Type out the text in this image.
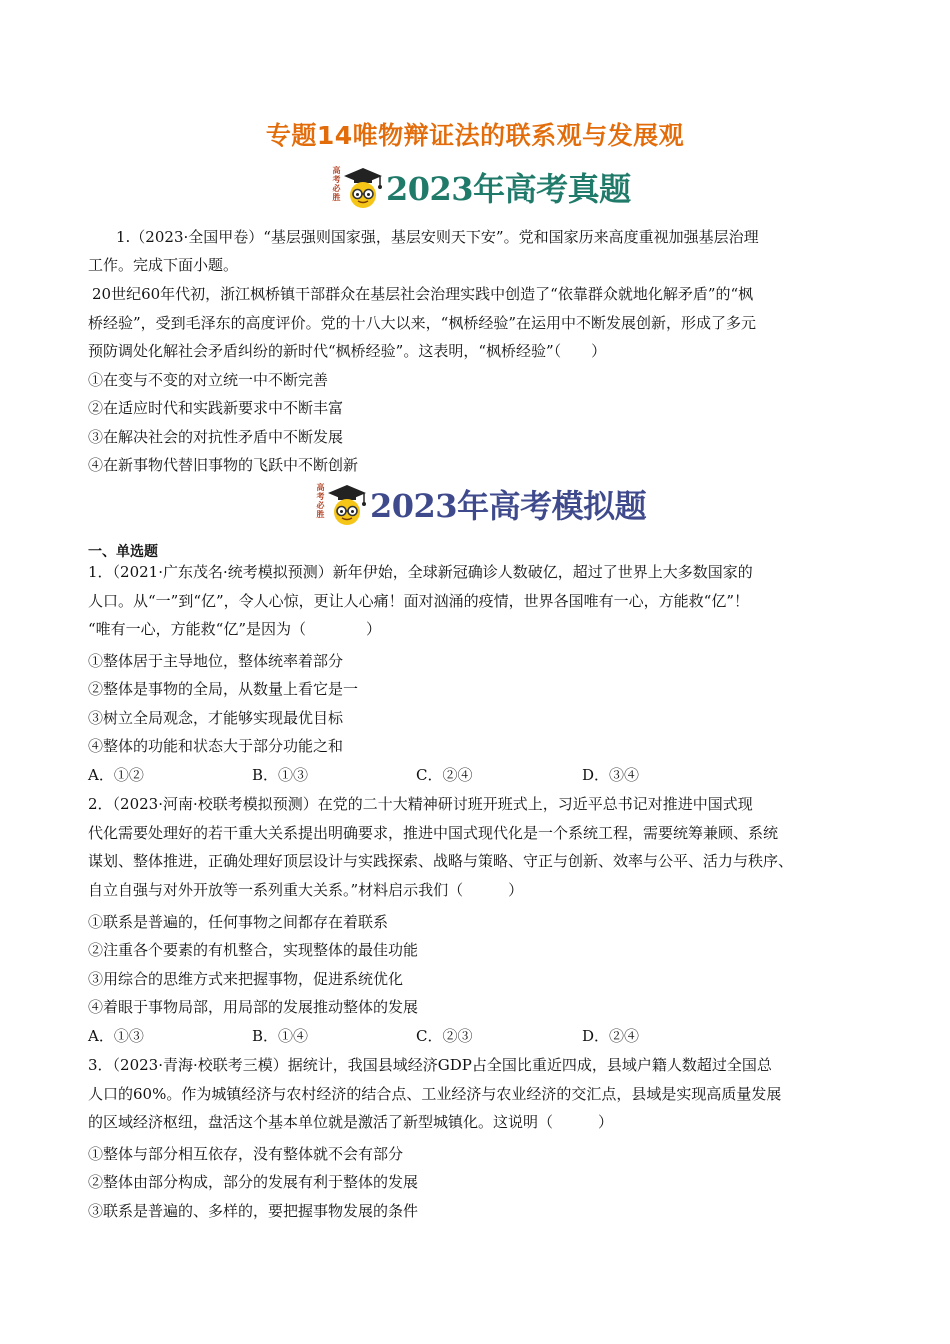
专题14唯物辩证法的联系观与发展观
高考必胜 2023年高考真题
1.（2023·全国甲卷）“基层强则国家强，基层安则天下安”。党和国家历来高度重视加强基层治理
工作。完成下面小题。
20世纪60年代初，浙江枫桥镇干部群众在基层社会治理实践中创造了“依靠群众就地化解矛盾”的“枫
桥经验”，受到毛泽东的高度评价。党的十八大以来，“枫桥经验”在运用中不断发展创新，形成了多元
预防调处化解社会矛盾纠纷的新时代“枫桥经验”。这表明，“枫桥经验”（　　）
①在变与不变的对立统一中不断完善
②在适应时代和实践新要求中不断丰富
③在解决社会的对抗性矛盾中不断发展
④在新事物代替旧事物的飞跃中不断创新
高考必胜 2023年高考模拟题
一、单选题
1．（2021·广东茂名·统考模拟预测）新年伊始，全球新冠确诊人数破亿，超过了世界上大多数国家的
人口。从“一”到“亿”，令人心惊，更让人心痛！面对汹涌的疫情，世界各国唯有一心，方能救“亿”！
“唯有一心，方能救“亿”是因为（　　　　）
①整体居于主导地位，整体统率着部分
②整体是事物的全局，从数量上看它是一
③树立全局观念，才能够实现最优目标
④整体的功能和状态大于部分功能之和
A．①②	B．①③	C．②④	D．③④
2．（2023·河南·校联考模拟预测）在党的二十大精神研讨班开班式上，习近平总书记对推进中国式现
代化需要处理好的若干重大关系提出明确要求，推进中国式现代化是一个系统工程，需要统筹兼顾、系统
谋划、整体推进，正确处理好顶层设计与实践探索、战略与策略、守正与创新、效率与公平、活力与秩序、
自立自强与对外开放等一系列重大关系。”材料启示我们（　　　）
①联系是普遍的，任何事物之间都存在着联系
②注重各个要素的有机整合，实现整体的最佳功能
③用综合的思维方式来把握事物，促进系统优化
④着眼于事物局部，用局部的发展推动整体的发展
A．①③	B．①④	C．②③	D．②④
3．（2023·青海·校联考三模）据统计，我国县域经济GDP占全国比重近四成，县域户籍人数超过全国总
人口的60%。作为城镇经济与农村经济的结合点、工业经济与农业经济的交汇点，县域是实现高质量发展
的区域经济枢纽，盘活这个基本单位就是激活了新型城镇化。这说明（　　　）
①整体与部分相互依存，没有整体就不会有部分
②整体由部分构成，部分的发展有利于整体的发展
③联系是普遍的、多样的，要把握事物发展的条件
